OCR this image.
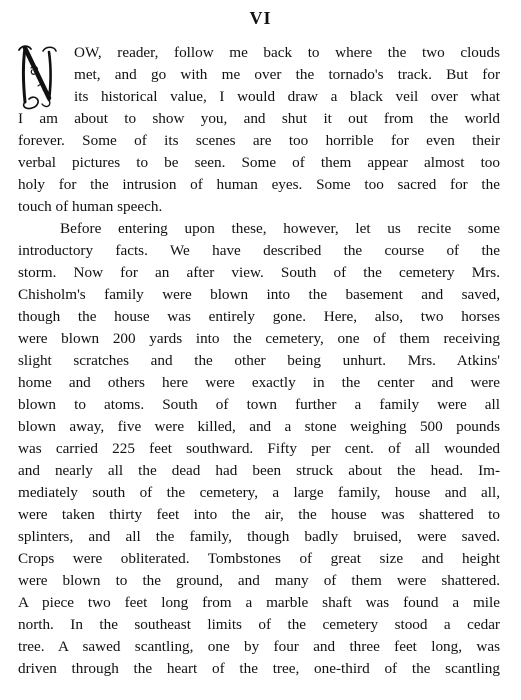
VI
OW, reader, follow me back to where the two clouds
met, and go with me over the tornado's track. But for
its historical value, I would draw a black veil over what
I am about to show you, and shut it out from the world
forever. Some of its scenes are too horrible for even their
verbal pictures to be seen. Some of them appear almost too
holy for the intrusion of human eyes. Some too sacred for the
touch of human speech.
Before entering upon these, however, let us recite some
introductory facts. We have described the course of the
storm. Now for an after view. South of the cemetery Mrs.
Chisholm's family were blown into the basement and saved,
though the house was entirely gone. Here, also, two horses
were blown 200 yards into the cemetery, one of them receiving
slight scratches and the other being unhurt. Mrs. Atkins'
home and others here were exactly in the center and were
blown to atoms. South of town further a family were all
blown away, five were killed, and a stone weighing 500 pounds
was carried 225 feet southward. Fifty per cent. of all wounded
and nearly all the dead had been struck about the head. Im-
mediately south of the cemetery, a large family, house and all,
were taken thirty feet into the air, the house was shattered to
splinters, and all the family, though badly bruised, were saved.
Crops were obliterated. Tombstones of great size and height
were blown to the ground, and many of them were shattered.
A piece two feet long from a marble shaft was found a mile
north. In the southeast limits of the cemetery stood a cedar
tree. A sawed scantling, one by four and three feet long, was
driven through the heart of the tree, one-third of the scantling
